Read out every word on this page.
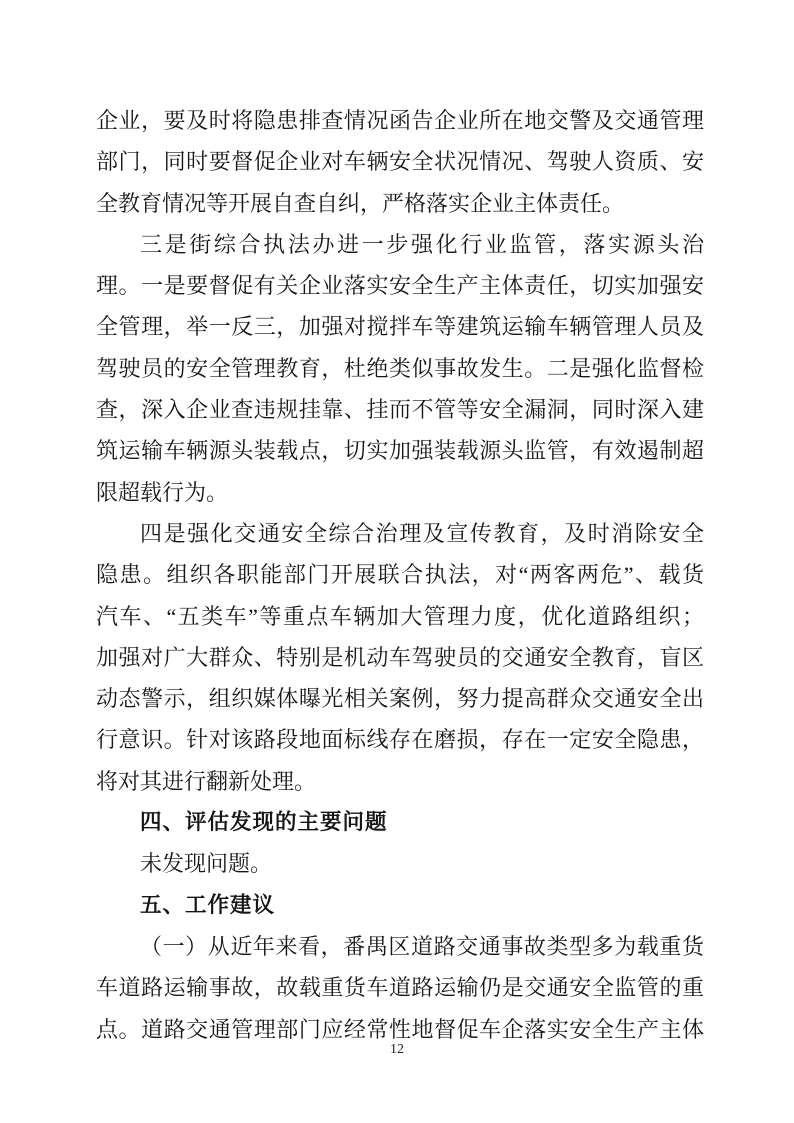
企业，要及时将隐患排查情况函告企业所在地交警及交通管理
部门，同时要督促企业对车辆安全状况情况、驾驶人资质、安
全教育情况等开展自查自纠，严格落实企业主体责任。
三是街综合执法办进一步强化行业监管，落实源头治
理。一是要督促有关企业落实安全生产主体责任，切实加强安
全管理，举一反三，加强对搅拌车等建筑运输车辆管理人员及
驾驶员的安全管理教育，杜绝类似事故发生。二是强化监督检
查，深入企业查违规挂靠、挂而不管等安全漏洞，同时深入建
筑运输车辆源头装载点，切实加强装载源头监管，有效遏制超
限超载行为。
四是强化交通安全综合治理及宣传教育，及时消除安全
隐患。组织各职能部门开展联合执法，对“两客两危”、载货
汽车、“五类车”等重点车辆加大管理力度，优化道路组织；
加强对广大群众、特别是机动车驾驶员的交通安全教育，盲区
动态警示，组织媒体曝光相关案例，努力提高群众交通安全出
行意识。针对该路段地面标线存在磨损，存在一定安全隐患，
将对其进行翻新处理。
四、评估发现的主要问题
未发现问题。
五、工作建议
（一）从近年来看，番禺区道路交通事故类型多为载重货
车道路运输事故，故载重货车道路运输仍是交通安全监管的重
点。道路交通管理部门应经常性地督促车企落实安全生产主体
12
